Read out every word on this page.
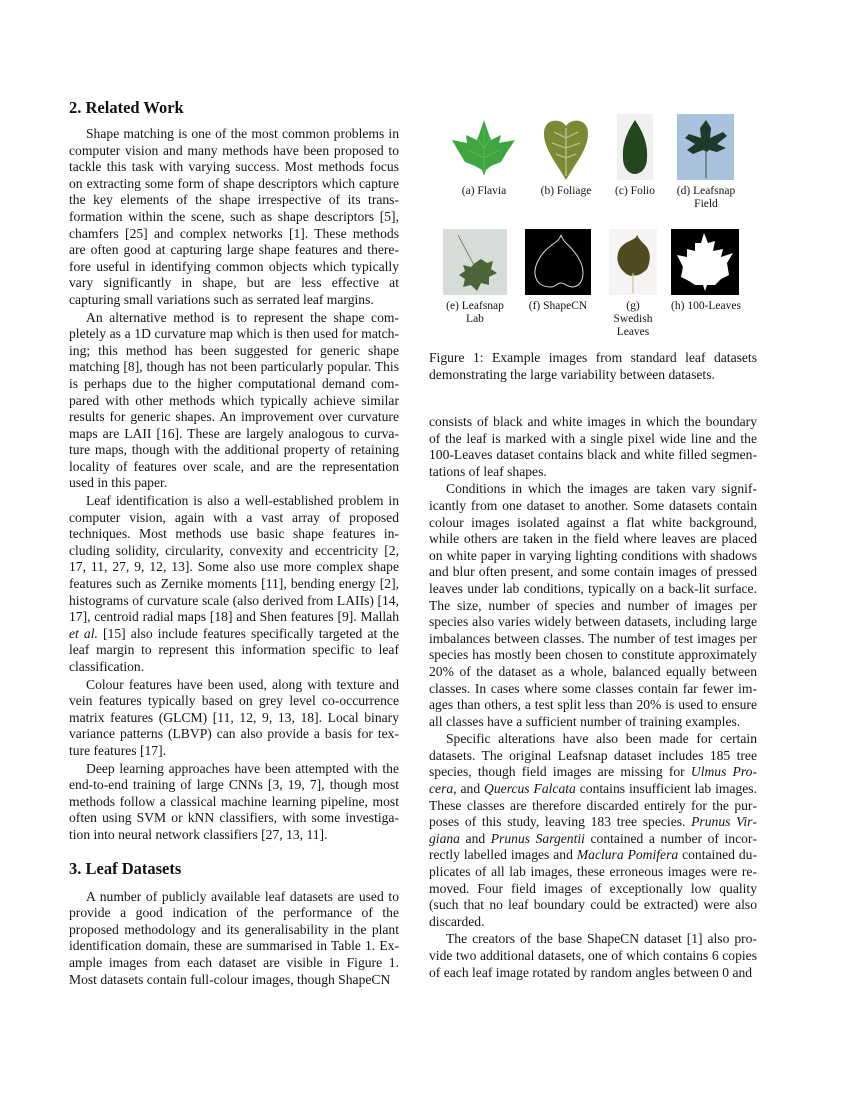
2. Related Work

Shape matching is one of the most common problems in computer vision and many methods have been proposed to tackle this task with varying success. Most methods focus on extracting some form of shape descriptors which capture the key elements of the shape irrespective of its transformation within the scene, such as shape descriptors [5], chamfers [25] and complex networks [1]. These methods are often good at capturing large shape features and therefore useful in identifying common objects which typically vary significantly in shape, but are less effective at capturing small variations such as serrated leaf margins.

An alternative method is to represent the shape completely as a 1D curvature map which is then used for matching; this method has been suggested for generic shape matching [8], though has not been particularly popular. This is perhaps due to the higher computational demand compared with other methods which typically achieve similar results for generic shapes. An improvement over curvature maps are LAII [16]. These are largely analogous to curvature maps, though with the additional property of retaining locality of features over scale, and are the representation used in this paper.

Leaf identification is also a well-established problem in computer vision, again with a vast array of proposed techniques. Most methods use basic shape features including solidity, circularity, convexity and eccentricity [2, 17, 11, 27, 9, 12, 13]. Some also use more complex shape features such as Zernike moments [11], bending energy [2], histograms of curvature scale (also derived from LAIIs) [14, 17], centroid radial maps [18] and Shen features [9]. Mallah et al. [15] also include features specifically targeted at the leaf margin to represent this information specific to leaf classification.

Colour features have been used, along with texture and vein features typically based on grey level co-occurrence matrix features (GLCM) [11, 12, 9, 13, 18]. Local binary variance patterns (LBVP) can also provide a basis for texture features [17].

Deep learning approaches have been attempted with the end-to-end training of large CNNs [3, 19, 7], though most methods follow a classical machine learning pipeline, most often using SVM or kNN classifiers, with some investigation into neural network classifiers [27, 13, 11].

3. Leaf Datasets

A number of publicly available leaf datasets are used to provide a good indication of the performance of the proposed methodology and its generalisability in the plant identification domain, these are summarised in Table 1. Example images from each dataset are visible in Figure 1. Most datasets contain full-colour images, though ShapeCN

(a) Flavia	(b) Foliage	(c) Folio	(d) Leafsnap
Field
(e) Leafsnap
Lab
(f) ShapeCN	(g)
Swedish
Leaves
(h) 100-Leaves
Figure 1: Example images from standard leaf datasets demonstrating the large variability between datasets.

consists of black and white images in which the boundary of the leaf is marked with a single pixel wide line and the 100-Leaves dataset contains black and white filled segmentations of leaf shapes.

Conditions in which the images are taken vary significantly from one dataset to another. Some datasets contain colour images isolated against a flat white background, while others are taken in the field where leaves are placed on white paper in varying lighting conditions with shadows and blur often present, and some contain images of pressed leaves under lab conditions, typically on a back-lit surface. The size, number of species and number of images per species also varies widely between datasets, including large imbalances between classes. The number of test images per species has mostly been chosen to constitute approximately 20% of the dataset as a whole, balanced equally between classes. In cases where some classes contain far fewer images than others, a test split less than 20% is used to ensure all classes have a sufficient number of training examples.

Specific alterations have also been made for certain datasets. The original Leafsnap dataset includes 185 tree species, though field images are missing for Ulmus Procera, and Quercus Falcata contains insufficient lab images. These classes are therefore discarded entirely for the purposes of this study, leaving 183 tree species. Prunus Virgiana and Prunus Sargentii contained a number of incorrectly labelled images and Maclura Pomifera contained duplicates of all lab images, these erroneous images were removed. Four field images of exceptionally low quality (such that no leaf boundary could be extracted) were also discarded.

The creators of the base ShapeCN dataset [1] also provide two additional datasets, one of which contains 6 copies of each leaf image rotated by random angles between 0 and
